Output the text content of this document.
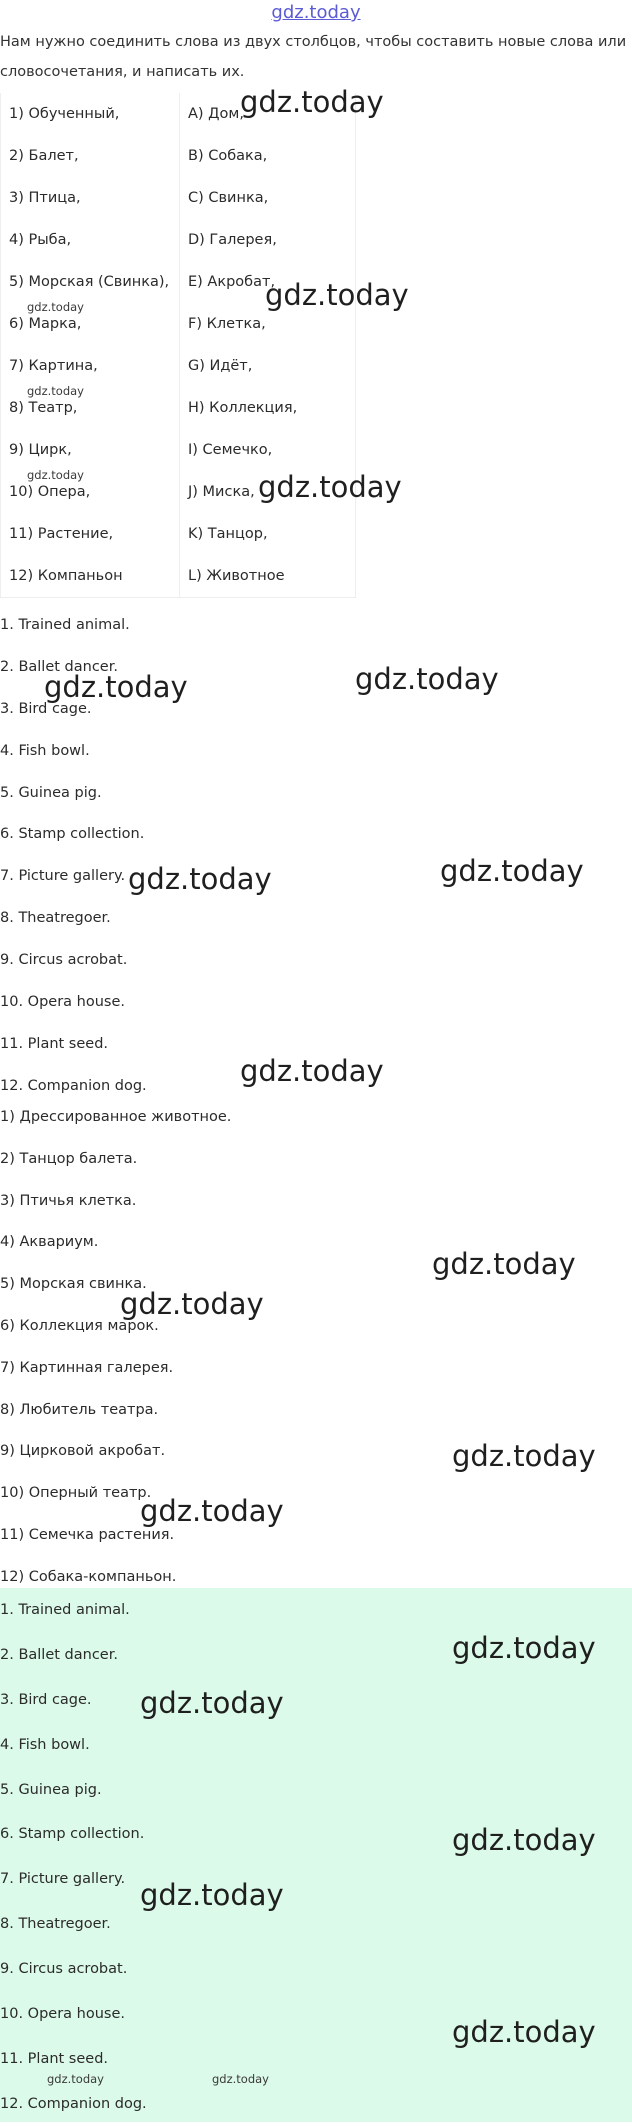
gdz.today
Нам нужно соединить слова из двух столбцов, чтобы составить новые слова или словосочетания, и написать их.
1) Обученный,	A) Дом,
2) Балет,	B) Собака,
3) Птица,	C) Свинка,
4) Рыба,	D) Галерея,
5) Морская (Свинка),	E) Акробат,
6) Марка,	F) Клетка,
7) Картина,	G) Идёт,
8) Театр,	H) Коллекция,
9) Цирк,	I) Семечко,
10) Опера,	J) Миска,
11) Растение,	K) Танцор,
12) Компаньон	L) Животное
1. Trained animal.
2. Ballet dancer.
3. Bird cage.
4. Fish bowl.
5. Guinea pig.
6. Stamp collection.
7. Picture gallery.
8. Theatregoer.
9. Circus acrobat.
10. Opera house.
11. Plant seed.
12. Companion dog.
1) Дрессированное животное.
2) Танцор балета.
3) Птичья клетка.
4) Аквариум.
5) Морская свинка.
6) Коллекция марок.
7) Картинная галерея.
8) Любитель театра.
9) Цирковой акробат.
10) Оперный театр.
11) Семечка растения.
12) Собака-компаньон.
1. Trained animal.
2. Ballet dancer.
3. Bird cage.
4. Fish bowl.
5. Guinea pig.
6. Stamp collection.
7. Picture gallery.
8. Theatregoer.
9. Circus acrobat.
10. Opera house.
11. Plant seed.
12. Companion dog.
gdz.today
gdz.today
gdz.today
gdz.today
gdz.today
gdz.today
gdz.today
gdz.today
gdz.today
gdz.today
gdz.today
gdz.today
gdz.today
gdz.today
gdz.today
gdz.today
gdz.today
gdz.today
gdz.today
gdz.today
gdz.today	gdz.today
